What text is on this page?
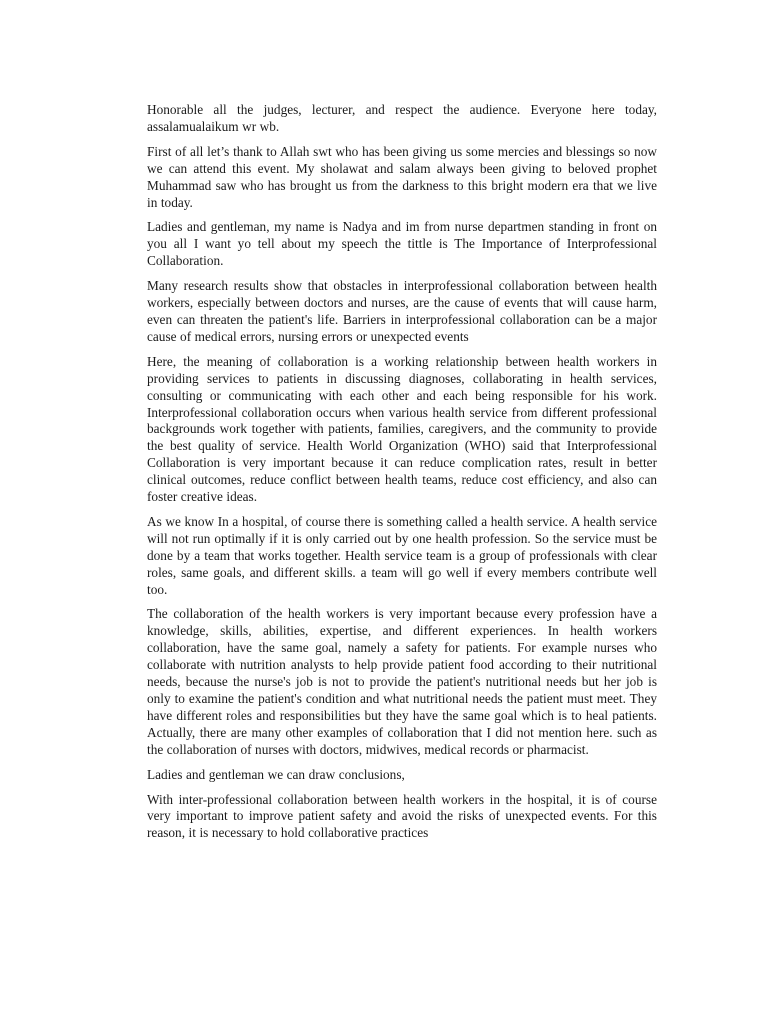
Honorable all the judges, lecturer, and respect the audience. Everyone here today, assalamualaikum wr wb.

First of all let’s thank to Allah swt who has been giving us some mercies and blessings so now we can attend this event. My sholawat and salam always been giving to beloved prophet Muhammad saw who has brought us from the darkness to this bright modern era that we live in today.

Ladies and gentleman, my name is Nadya and im from nurse departmen standing in front on you all I want yo tell about my speech the tittle is The Importance of Interprofessional Collaboration.

Many research results show that obstacles in interprofessional collaboration between health workers, especially between doctors and nurses, are the cause of events that will cause harm, even can threaten the patient's life. Barriers in interprofessional collaboration can be a major cause of medical errors, nursing errors or unexpected events

Here, the meaning of collaboration is a working relationship between health workers in providing services to patients in discussing diagnoses, collaborating in health services, consulting or communicating with each other and each being responsible for his work. Interprofessional collaboration occurs when various health service from different professional backgrounds work together with patients, families, caregivers, and the community to provide the best quality of service. Health World Organization (WHO) said that Interprofessional Collaboration is very important because it can reduce complication rates, result in better clinical outcomes, reduce conflict between health teams, reduce cost efficiency, and also can foster creative ideas.

As we know In a hospital, of course there is something called a health service. A health service will not run optimally if it is only carried out by one health profession. So the service must be done by a team that works together. Health service team is a group of professionals with clear roles, same goals, and different skills. a team will go well if every members contribute well too.

The collaboration of the health workers is very important because every profession have a knowledge, skills, abilities, expertise, and different experiences. In health workers collaboration, have the same goal, namely a safety for patients. For example nurses who collaborate with nutrition analysts to help provide patient food according to their nutritional needs, because the nurse's job is not to provide the patient's nutritional needs but her job is only to examine the patient's condition and what nutritional needs the patient must meet. They have different roles and responsibilities but they have the same goal which is to heal patients. Actually, there are many other examples of collaboration that I did not mention here. such as the collaboration of nurses with doctors, midwives, medical records or pharmacist.

Ladies and gentleman we can draw conclusions,

With inter-professional collaboration between health workers in the hospital, it is of course very important to improve patient safety and avoid the risks of unexpected events. For this reason, it is necessary to hold collaborative practices
